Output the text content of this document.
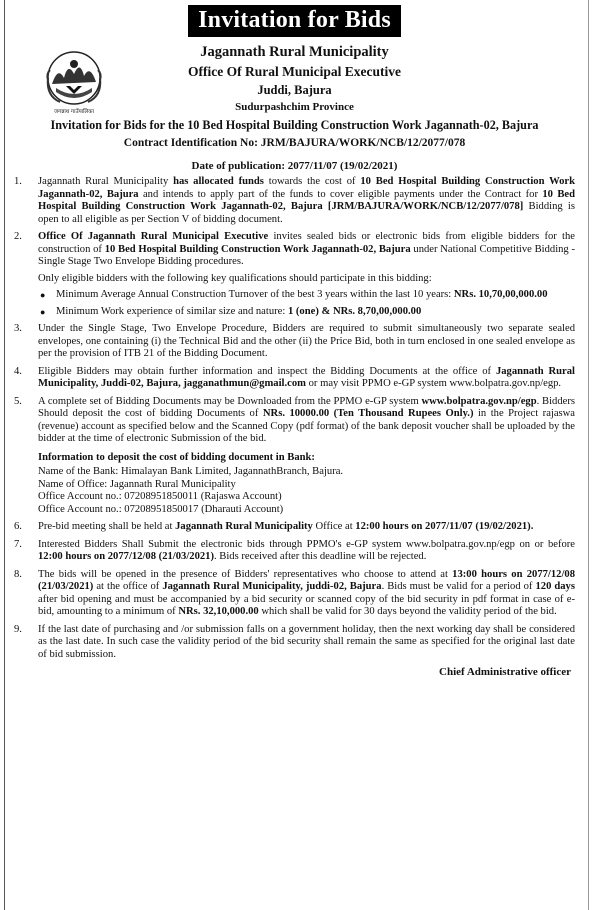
Invitation for Bids
जगन्नाथ गाउँपालिका
Jagannath Rural Municipality
Office Of Rural Municipal Executive
Juddi, Bajura
Sudurpashchim Province
Invitation for Bids for the 10 Bed Hospital Building Construction Work Jagannath-02, Bajura
Contract Identification No: JRM/BAJURA/WORK/NCB/12/2077/078
Date of publication: 2077/11/07 (19/02/2021)
1.	Jagannath Rural Municipality has allocated funds towards the cost of 10 Bed Hospital Building Construction Work Jagannath-02, Bajura and intends to apply part of the funds to cover eligible payments under the Contract for 10 Bed Hospital Building Construction Work Jagannath-02, Bajura [JRM/BAJURA/WORK/NCB/12/2077/078] Bidding is open to all eligible as per Section V of bidding document.
2.	Office Of Jagannath Rural Municipal Executive invites sealed bids or electronic bids from eligible bidders for the construction of 10 Bed Hospital Building Construction Work Jagannath-02, Bajura under National Competitive Bidding - Single Stage Two Envelope Bidding procedures.
Only eligible bidders with the following key qualifications should participate in this bidding:
● Minimum Average Annual Construction Turnover of the best 3 years within the last 10 years: NRs. 10,70,00,000.00
● Minimum Work experience of similar size and nature: 1 (one) & NRs. 8,70,00,000.00
3.	Under the Single Stage, Two Envelope Procedure, Bidders are required to submit simultaneously two separate sealed envelopes, one containing (i) the Technical Bid and the other (ii) the Price Bid, both in turn enclosed in one sealed envelope as per the provision of ITB 21 of the Bidding Document.
4.	Eligible Bidders may obtain further information and inspect the Bidding Documents at the office of Jagannath Rural Municipality, Juddi-02, Bajura, jagganathmun@gmail.com or may visit PPMO e-GP system www.bolpatra.gov.np/egp.
5.	A complete set of Bidding Documents may be Downloaded from the PPMO e-GP system www.bolpatra.gov.np/egp. Bidders Should deposit the cost of bidding Documents of NRs. 10000.00 (Ten Thousand Rupees Only.) in the Project rajaswa (revenue) account as specified below and the Scanned Copy (pdf format) of the bank deposit voucher shall be uploaded by the bidder at the time of electronic Submission of the bid.
Information to deposit the cost of bidding document in Bank:
Name of the Bank: Himalayan Bank Limited, JagannathBranch, Bajura.
Name of Office: Jagannath Rural Municipality
Office Account no.: 07208951850011 (Rajaswa Account)
Office Account no.: 07208951850017 (Dharauti Account)
6.	Pre-bid meeting shall be held at Jagannath Rural Municipality Office at 12:00 hours on 2077/11/07 (19/02/2021).
7.	Interested Bidders Shall Submit the electronic bids through PPMO's e-GP system www.bolpatra.gov.np/egp on or before 12:00 hours on 2077/12/08 (21/03/2021). Bids received after this deadline will be rejected.
8.	The bids will be opened in the presence of Bidders' representatives who choose to attend at 13:00 hours on 2077/12/08 (21/03/2021) at the office of Jagannath Rural Municipality, juddi-02, Bajura. Bids must be valid for a period of 120 days after bid opening and must be accompanied by a bid security or scanned copy of the bid security in pdf format in case of e-bid, amounting to a minimum of NRs. 32,10,000.00 which shall be valid for 30 days beyond the validity period of the bid.
9.	If the last date of purchasing and /or submission falls on a government holiday, then the next working day shall be considered as the last date. In such case the validity period of the bid security shall remain the same as specified for the original last date of bid submission.
Chief Administrative officer
